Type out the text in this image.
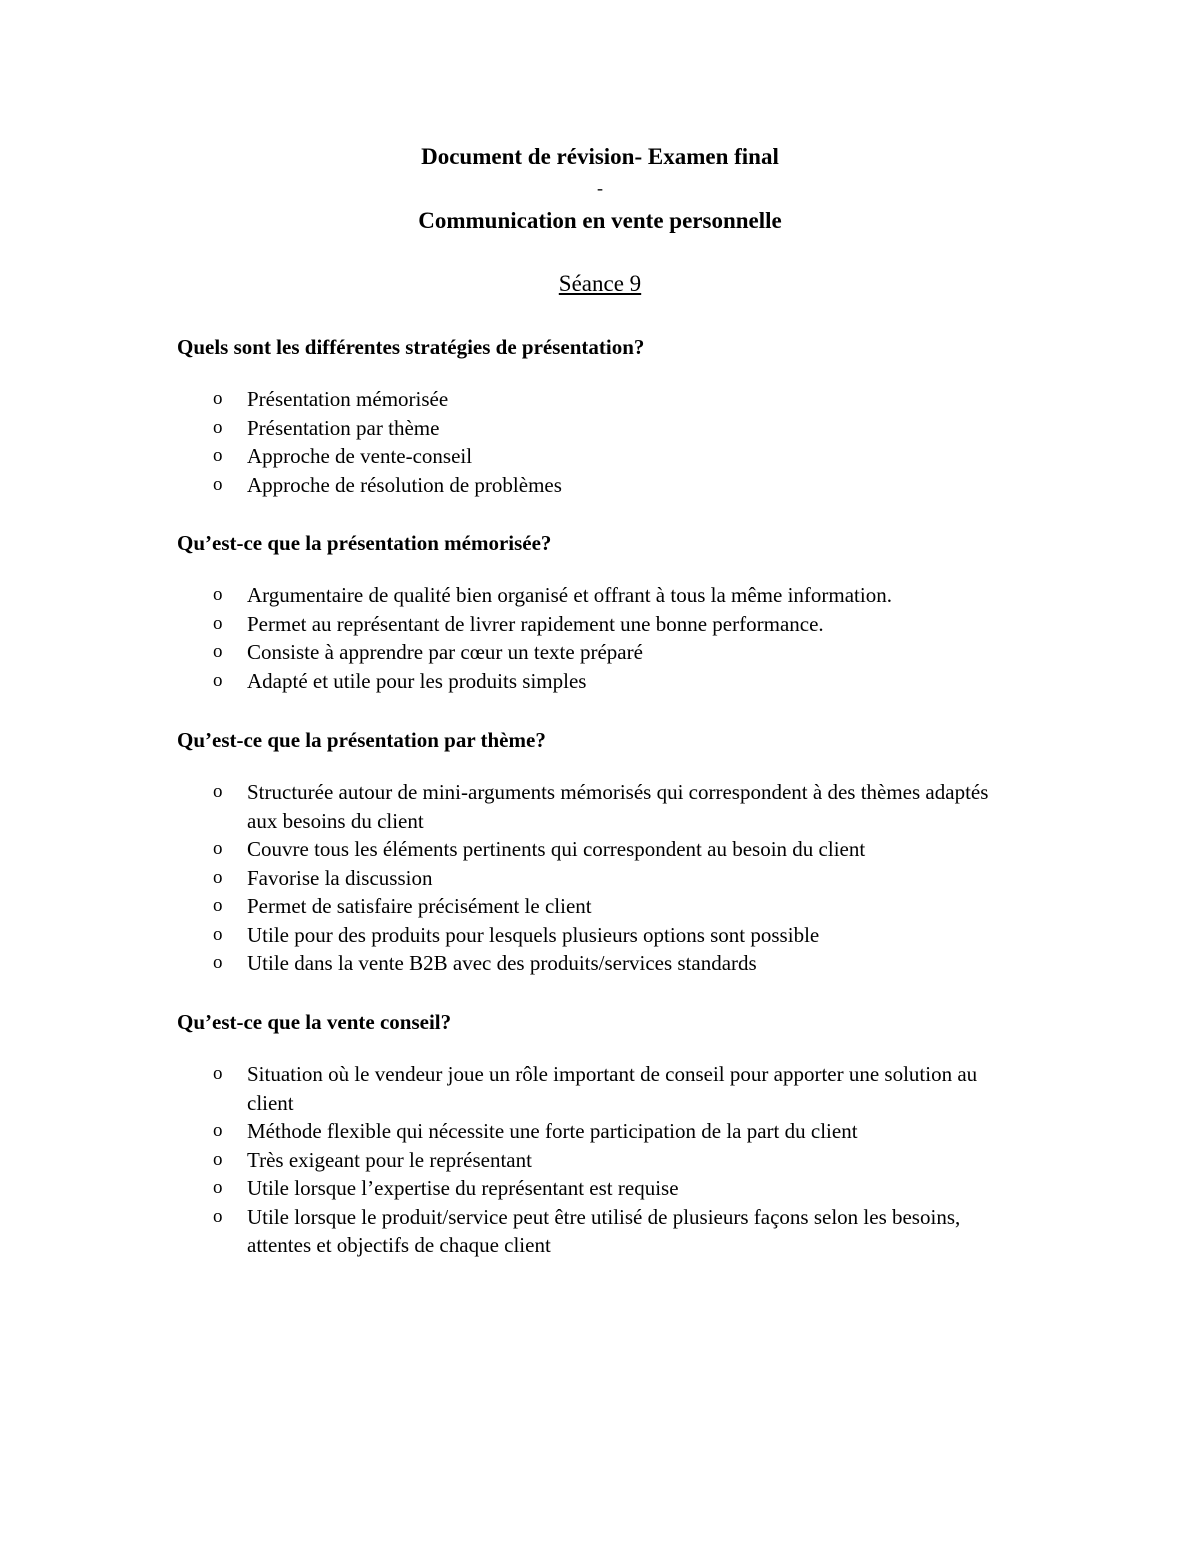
Document de révision- Examen final
-
Communication en vente personnelle
Séance 9

Quels sont les différentes stratégies de présentation?

o Présentation mémorisée
o Présentation par thème
o Approche de vente-conseil
o Approche de résolution de problèmes

Qu’est-ce que la présentation mémorisée?

o Argumentaire de qualité bien organisé et offrant à tous la même information.
o Permet au représentant de livrer rapidement une bonne performance.
o Consiste à apprendre par cœur un texte préparé
o Adapté et utile pour les produits simples

Qu’est-ce que la présentation par thème?

o Structurée autour de mini-arguments mémorisés qui correspondent à des thèmes adaptés aux besoins du client
o Couvre tous les éléments pertinents qui correspondent au besoin du client
o Favorise la discussion
o Permet de satisfaire précisément le client
o Utile pour des produits pour lesquels plusieurs options sont possible
o Utile dans la vente B2B avec des produits/services standards

Qu’est-ce que la vente conseil?

o Situation où le vendeur joue un rôle important de conseil pour apporter une solution au client
o Méthode flexible qui nécessite une forte participation de la part du client
o Très exigeant pour le représentant
o Utile lorsque l’expertise du représentant est requise
o Utile lorsque le produit/service peut être utilisé de plusieurs façons selon les besoins, attentes et objectifs de chaque client
